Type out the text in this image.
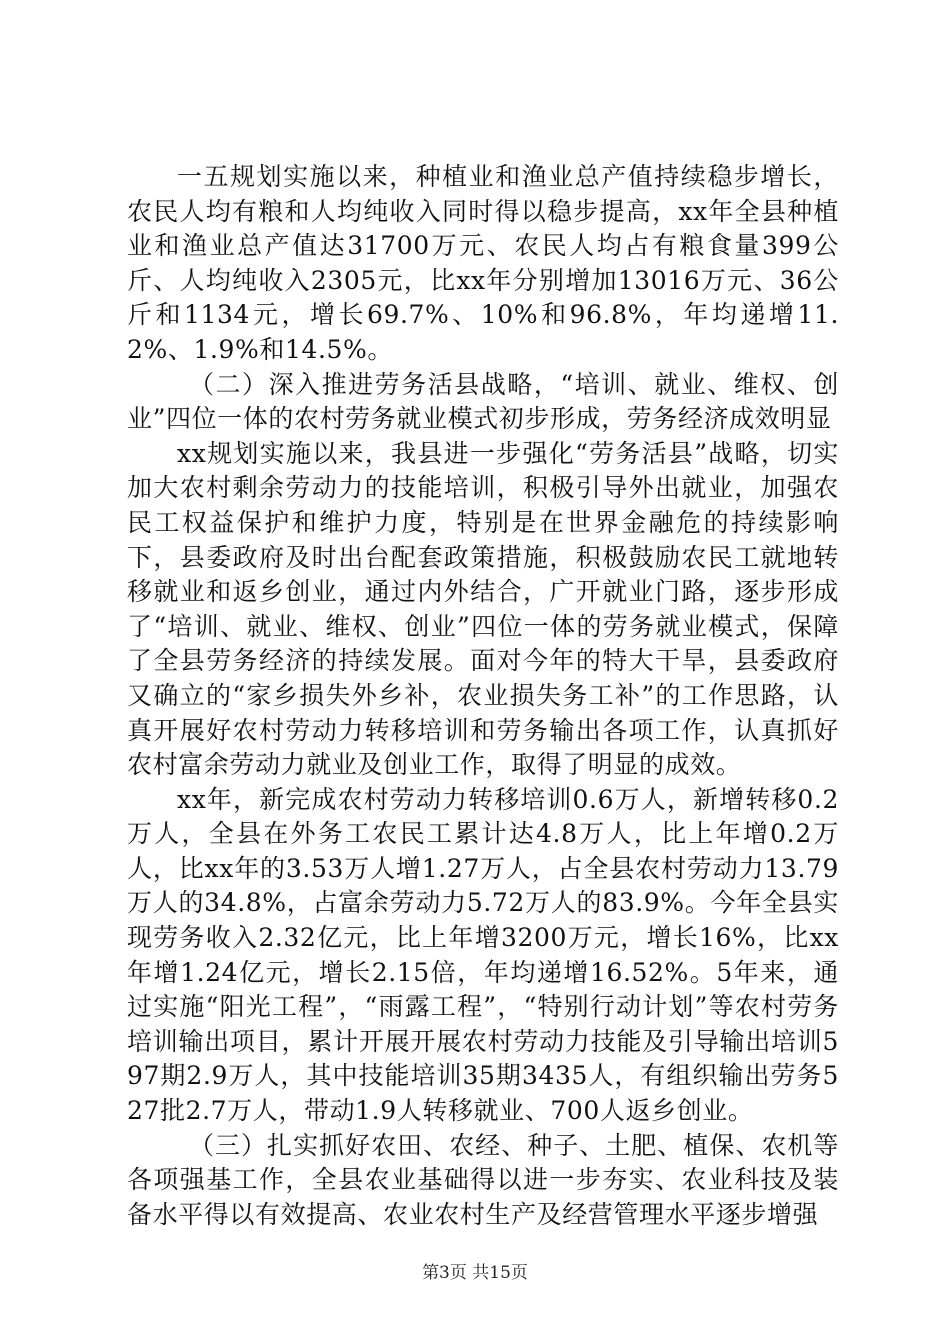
一五规划实施以来，种植业和渔业总产值持续稳步增长，农民人均有粮和人均纯收入同时得以稳步提高，xx年全县种植业和渔业总产值达31700万元、农民人均占有粮食量399公斤、人均纯收入2305元，比xx年分别增加13016万元、36公斤和1134元，增长69.7%、10%和96.8%，年均递增11.2%、1.9%和14.5%。

（二）深入推进劳务活县战略，“培训、就业、维权、创业”四位一体的农村劳务就业模式初步形成，劳务经济成效明显

xx规划实施以来，我县进一步强化“劳务活县”战略，切实加大农村剩余劳动力的技能培训，积极引导外出就业，加强农民工权益保护和维护力度，特别是在世界金融危的持续影响下，县委政府及时出台配套政策措施，积极鼓励农民工就地转移就业和返乡创业，通过内外结合，广开就业门路，逐步形成了“培训、就业、维权、创业”四位一体的劳务就业模式，保障了全县劳务经济的持续发展。面对今年的特大干旱，县委政府又确立的“家乡损失外乡补，农业损失务工补”的工作思路，认真开展好农村劳动力转移培训和劳务输出各项工作，认真抓好农村富余劳动力就业及创业工作，取得了明显的成效。

xx年，新完成农村劳动力转移培训0.6万人，新增转移0.2万人，全县在外务工农民工累计达4.8万人，比上年增0.2万人，比xx年的3.53万人增1.27万人，占全县农村劳动力13.79万人的34.8%，占富余劳动力5.72万人的83.9%。今年全县实现劳务收入2.32亿元，比上年增3200万元，增长16%，比xx年增1.24亿元，增长2.15倍，年均递增16.52%。5年来，通过实施“阳光工程”，“雨露工程”，“特别行动计划”等农村劳务培训输出项目，累计开展开展农村劳动力技能及引导输出培训597期2.9万人，其中技能培训35期3435人，有组织输出劳务527批2.7万人，带动1.9人转移就业、700人返乡创业。

（三）扎实抓好农田、农经、种子、土肥、植保、农机等各项强基工作，全县农业基础得以进一步夯实、农业科技及装备水平得以有效提高、农业农村生产及经营管理水平逐步增强

第3页 共15页
